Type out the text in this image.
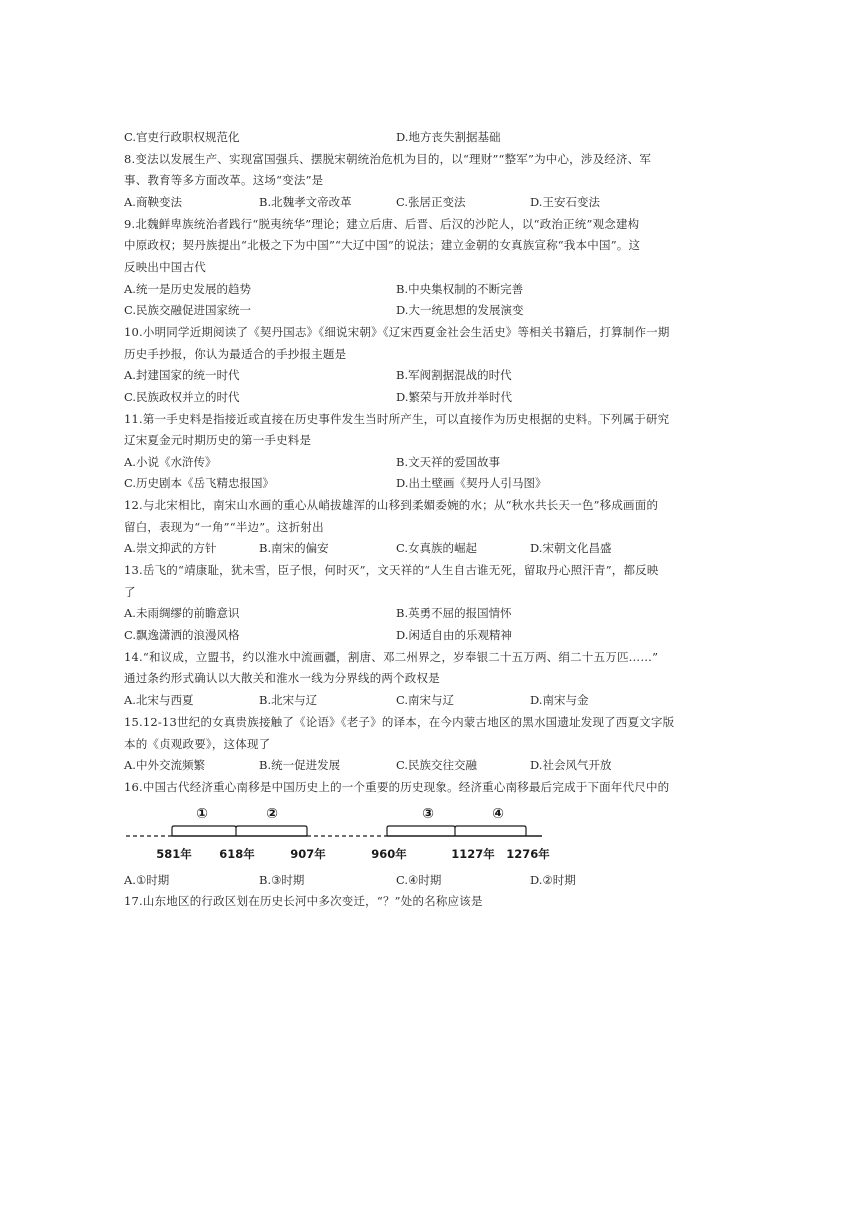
C.官吏行政职权规范化	D.地方丧失割据基础
8.变法以发展生产、实现富国强兵、摆脱宋朝统治危机为目的，以“理财”“整军”为中心，涉及经济、军
事、教育等多方面改革。这场“变法”是
A.商鞅变法	B.北魏孝文帝改革	C.张居正变法	D.王安石变法
9.北魏鲜卑族统治者践行“脱夷统华”理论；建立后唐、后晋、后汉的沙陀人，以“政治正统”观念建构
中原政权；契丹族提出“北极之下为中国”“大辽中国”的说法；建立金朝的女真族宣称“我本中国”。这
反映出中国古代
A.统一是历史发展的趋势	B.中央集权制的不断完善
C.民族交融促进国家统一	D.大一统思想的发展演变
10.小明同学近期阅读了《契丹国志》《细说宋朝》《辽宋西夏金社会生活史》等相关书籍后，打算制作一期
历史手抄报，你认为最适合的手抄报主题是
A.封建国家的统一时代	B.军阀割据混战的时代
C.民族政权并立的时代	D.繁荣与开放并举时代
11.第一手史料是指接近或直接在历史事件发生当时所产生，可以直接作为历史根据的史料。下列属于研究
辽宋夏金元时期历史的第一手史料是
A.小说《水浒传》	B.文天祥的爱国故事
C.历史剧本《岳飞精忠报国》	D.出土壁画《契丹人引马图》
12.与北宋相比，南宋山水画的重心从峭拔雄浑的山移到柔媚委婉的水；从“秋水共长天一色”移成画面的
留白，表现为“一角”“半边”。这折射出
A.崇文抑武的方针	B.南宋的偏安	C.女真族的崛起	D.宋朝文化昌盛
13.岳飞的“靖康耻，犹未雪，臣子恨，何时灭”，文天祥的“人生自古谁无死，留取丹心照汗青”，都反映
了
A.未雨绸缪的前瞻意识	B.英勇不屈的报国情怀
C.飘逸潇洒的浪漫风格	D.闲适自由的乐观精神
14.“和议成，立盟书，约以淮水中流画疆，割唐、邓二州界之，岁奉银二十五万两、绢二十五万匹……”
通过条约形式确认以大散关和淮水一线为分界线的两个政权是
A.北宋与西夏	B.北宋与辽	C.南宋与辽	D.南宋与金
15.12-13世纪的女真贵族接触了《论语》《老子》的译本，在今内蒙古地区的黑水国遗址发现了西夏文字版
本的《贞观政要》，这体现了
A.中外交流频繁	B.统一促进发展	C.民族交往交融	D.社会风气开放
16.中国古代经济重心南移是中国历史上的一个重要的历史现象。经济重心南移最后完成于下面年代尺中的
①	②	③	④
581年 618年	907年	960年	1127年 1276年
A.①时期	B.③时期	C.④时期	D.②时期
17.山东地区的行政区划在历史长河中多次变迁，“？”处的名称应该是
